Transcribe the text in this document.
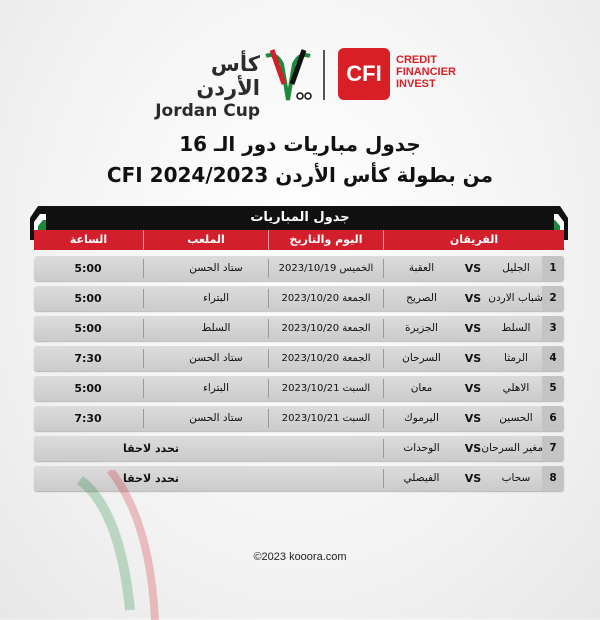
كأس الأردن
Jordan Cup
CFI
CREDIT
FINANCIER
INVEST
جدول مباريات دور الـ 16
من بطولة كأس الأردن CFI 2024/2023
جدول المباريات
الفريقان
اليوم والتاريخ
الملعب
الساعة
1
الجليل
VS
العقبة
الخميس 2023/10/19
ستاد الحسن
5:00
2
شباب الاردن
VS
الصريح
الجمعة 2023/10/20
البتراء
5:00
3
السلط
VS
الجزيرة
الجمعة 2023/10/20
السلط
5:00
4
الرمثا
VS
السرحان
الجمعة 2023/10/20
ستاد الحسن
7:30
5
الاهلي
VS
معان
السبت 2023/10/21
البتراء
5:00
6
الحسين
VS
اليرموك
السبت 2023/10/21
ستاد الحسن
7:30
7
مغير السرحان
VS
الوحدات
تحدد لاحقا
8
سحاب
VS
الفيصلي
تحدد لاحقا
©2023 kooora.com
